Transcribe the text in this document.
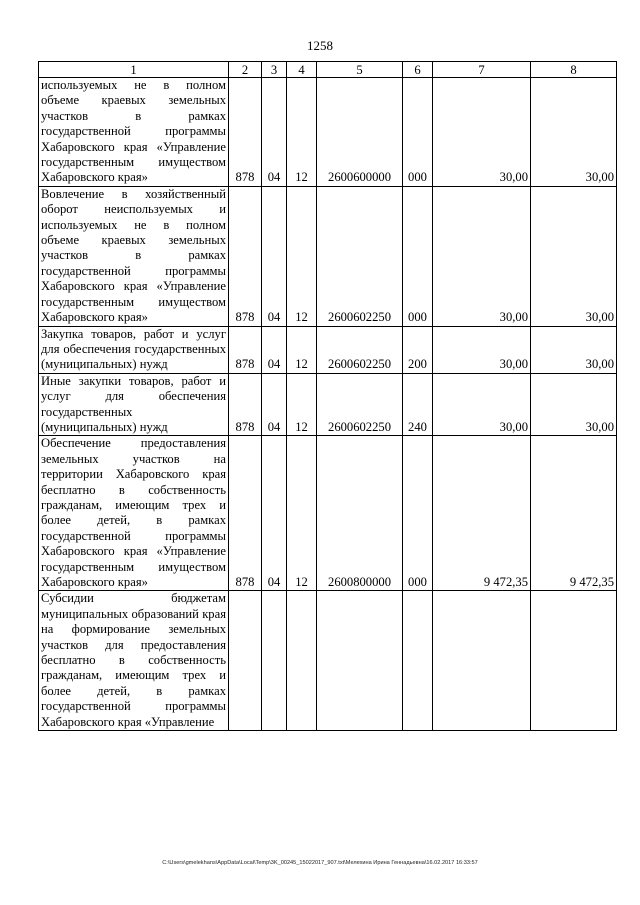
1258
1	2	3	4	5	6	7	8
используемых не в полном объеме краевых земельных участков в рамках государственной программы Хабаровского края «Управление государственным имуществом Хабаровского края»	878	04	12	2600600000	000	30,00	30,00
Вовлечение в хозяйственный оборот неиспользуемых и используемых не в полном объеме краевых земельных участков в рамках государственной программы Хабаровского края «Управление государственным имуществом Хабаровского края»	878	04	12	2600602250	000	30,00	30,00
Закупка товаров, работ и услуг для обеспечения государственных (муниципальных) нужд	878	04	12	2600602250	200	30,00	30,00
Иные закупки товаров, работ и услуг для обеспечения государственных (муниципальных) нужд	878	04	12	2600602250	240	30,00	30,00
Обеспечение предоставления земельных участков на территории Хабаровского края бесплатно в собственность гражданам, имеющим трех и более детей, в рамках государственной программы Хабаровского края «Управление государственным имуществом Хабаровского края»	878	04	12	2600800000	000	9 472,35	9 472,35
Субсидии бюджетам муниципальных образований края на формирование земельных участков для предоставления бесплатно в собственность гражданам, имеющим трех и более детей, в рамках государственной программы Хабаровского края «Управление							
C:\Users\gmelekhans\AppData\Local\Temp\3K_00245_15022017_907.txt\Мелехина Ирина Геннадьевна\16.02.2017 16:33:57
